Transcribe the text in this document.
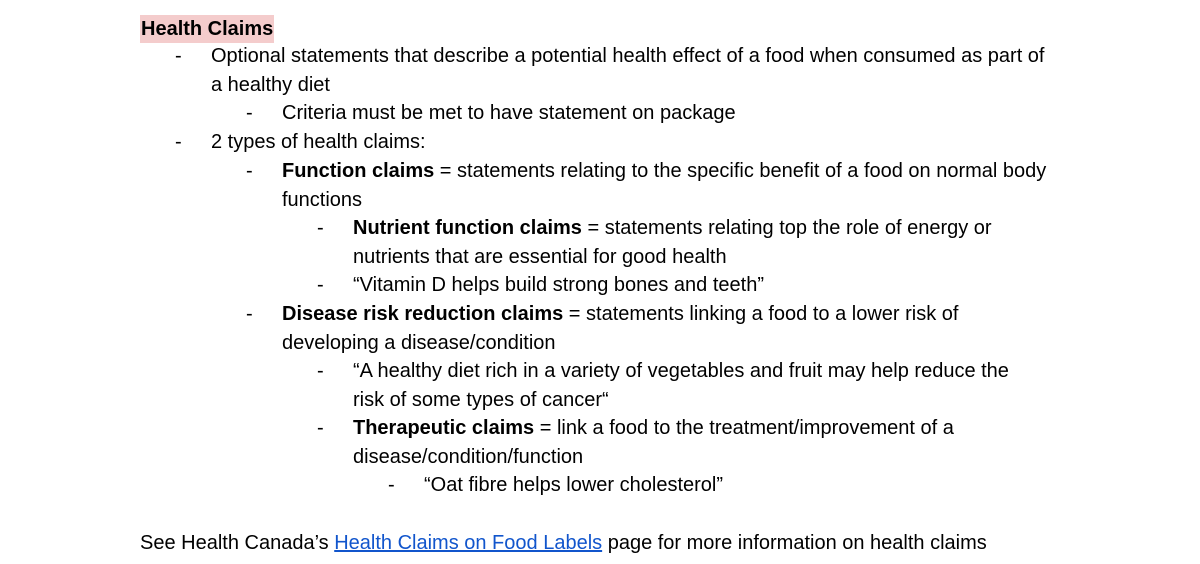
Health Claims
- Optional statements that describe a potential health effect of a food when consumed as part of a healthy diet
- Criteria must be met to have statement on package
- 2 types of health claims:
- Function claims = statements relating to the specific benefit of a food on normal body functions
- Nutrient function claims = statements relating top the role of energy or nutrients that are essential for good health
- “Vitamin D helps build strong bones and teeth”
- Disease risk reduction claims = statements linking a food to a lower risk of developing a disease/condition
- “A healthy diet rich in a variety of vegetables and fruit may help reduce the risk of some types of cancer“
- Therapeutic claims = link a food to the treatment/improvement of a disease/condition/function
- “Oat fibre helps lower cholesterol”
See Health Canada’s Health Claims on Food Labels page for more information on health claims
